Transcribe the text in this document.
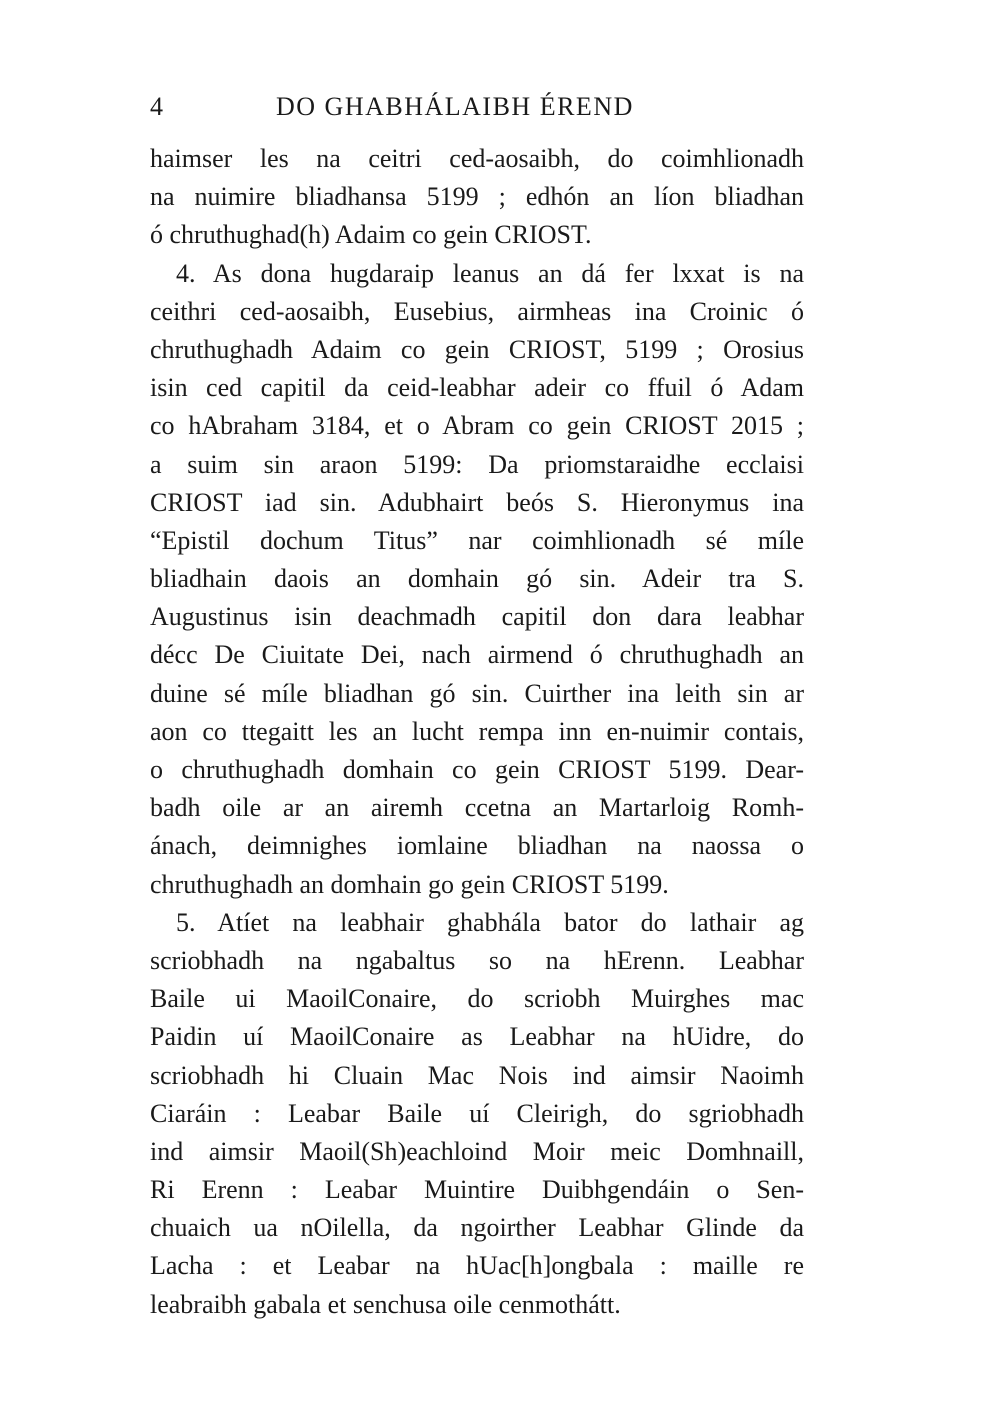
4	DO GHABHÁLAIBH ÉREND
haimser les na ceitri ced-aosaibh, do coimhlionadh
na nuimire bliadhansa 5199 ; edhón an líon bliadhan
ó chruthughad(h) Adaim co gein CRIOST.
4. As dona hugdaraip leanus an dá fer lxxat is na
ceithri ced-aosaibh, Eusebius, airmheas ina Croinic ó
chruthughadh Adaim co gein CRIOST, 5199 ; Orosius
isin ced capitil da ceid-leabhar adeir co ffuil ó Adam
co hAbraham 3184, et o Abram co gein CRIOST 2015 ;
a suim sin araon 5199: Da priomstaraidhe ecclaisi
CRIOST iad sin. Adubhairt beós S. Hieronymus ina
“Epistil dochum Titus” nar coimhlionadh sé míle
bliadhain daois an domhain gó sin. Adeir tra S.
Augustinus isin deachmadh capitil don dara leabhar
décc De Ciuitate Dei, nach airmend ó chruthughadh an
duine sé míle bliadhan gó sin. Cuirther ina leith sin ar
aon co ttegaitt les an lucht rempa inn en-nuimir contais,
o chruthughadh domhain co gein CRIOST 5199. Dear-
badh oile ar an airemh ccetna an Martarloig Romh-
ánach, deimnighes iomlaine bliadhan na naossa o
chruthughadh an domhain go gein CRIOST 5199.
5. Atíet na leabhair ghabhála bator do lathair ag
scriobhadh na ngabaltus so na hErenn. Leabhar
Baile ui MaoilConaire, do scriobh Muirghes mac
Paidin uí MaoilConaire as Leabhar na hUidre, do
scriobhadh hi Cluain Mac Nois ind aimsir Naoimh
Ciaráin : Leabar Baile uí Cleirigh, do sgriobhadh
ind aimsir Maoil(Sh)eachloind Moir meic Domhnaill,
Ri Erenn : Leabar Muintire Duibhgendáin o Sen-
chuaich ua nOilella, da ngoirther Leabhar Glinde da
Lacha : et Leabar na hUac[h]ongbala : maille re
leabraibh gabala et senchusa oile cenmothátt.
